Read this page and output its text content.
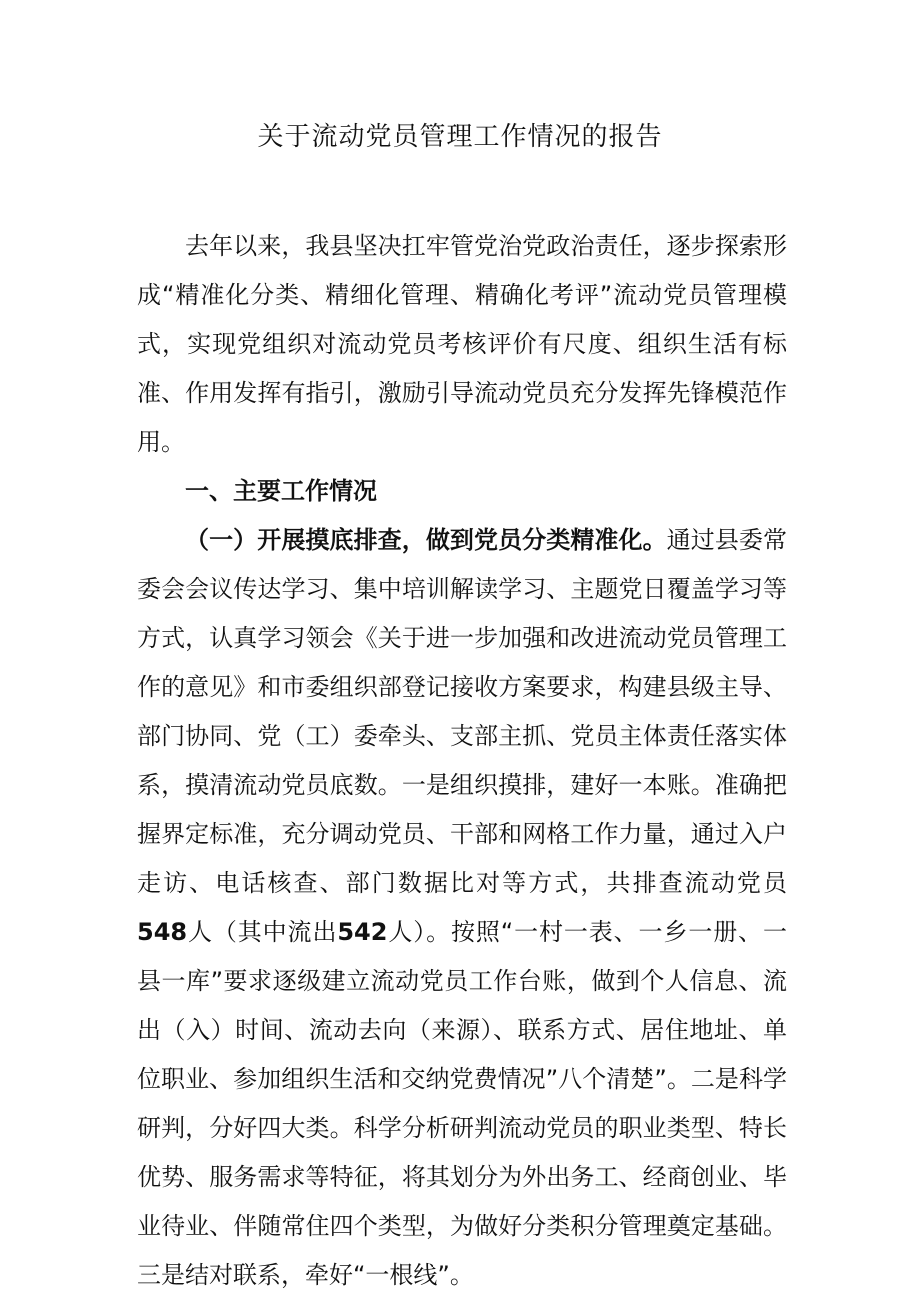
关于流动党员管理工作情况的报告

去年以来，我县坚决扛牢管党治党政治责任，逐步探索形成“精准化分类、精细化管理、精确化考评”流动党员管理模式，实现党组织对流动党员考核评价有尺度、组织生活有标准、作用发挥有指引，激励引导流动党员充分发挥先锋模范作用。

一、主要工作情况

（一）开展摸底排查，做到党员分类精准化。通过县委常委会会议传达学习、集中培训解读学习、主题党日覆盖学习等方式，认真学习领会《关于进一步加强和改进流动党员管理工作的意见》和市委组织部登记接收方案要求，构建县级主导、部门协同、党（工）委牵头、支部主抓、党员主体责任落实体系，摸清流动党员底数。一是组织摸排，建好一本账。准确把握界定标准，充分调动党员、干部和网格工作力量，通过入户走访、电话核查、部门数据比对等方式，共排查流动党员548人（其中流出542人）。按照“一村一表、一乡一册、一县一库”要求逐级建立流动党员工作台账，做到个人信息、流出（入）时间、流动去向（来源）、联系方式、居住地址、单位职业、参加组织生活和交纳党费情况”八个清楚”。二是科学研判，分好四大类。科学分析研判流动党员的职业类型、特长优势、服务需求等特征，将其划分为外出务工、经商创业、毕业待业、伴随常住四个类型，为做好分类积分管理奠定基础。三是结对联系，牵好“一根线”。
